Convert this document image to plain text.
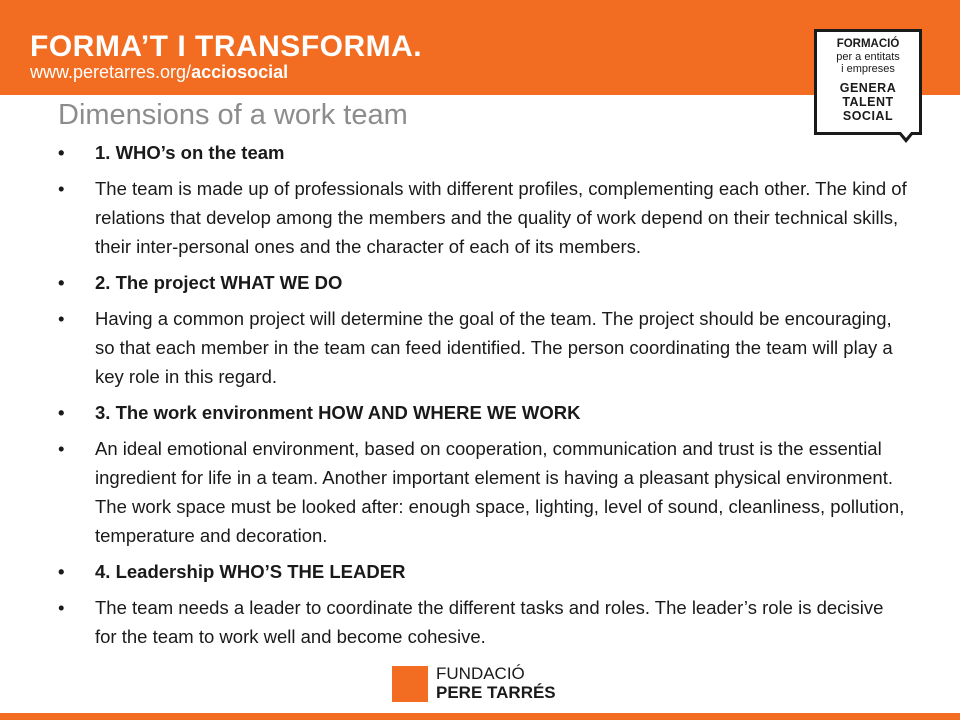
FORMA’T I TRANSFORMA.
www.peretarres.org/acciosocial
FORMACIÓ
per a entitats
i empreses
GENERA
TALENT
SOCIAL
Dimensions of a work team
• 1. WHO’s on the team
• The team is made up of professionals with different profiles, complementing each other. The kind of relations that develop among the members and the quality of work depend on their technical skills, their inter-personal ones and the character of each of its members.
• 2. The project WHAT WE DO
• Having a common project will determine the goal of the team. The project should be encouraging, so that each member in the team can feed identified. The person coordinating the team will play a key role in this regard.
• 3. The work environment HOW AND WHERE WE WORK
• An ideal emotional environment, based on cooperation, communication and trust is the essential ingredient for life in a team. Another important element is having a pleasant physical environment. The work space must be looked after: enough space, lighting, level of sound, cleanliness, pollution, temperature and decoration.
• 4. Leadership WHO’S THE LEADER
• The team needs a leader to coordinate the different tasks and roles. The leader’s role is decisive for the team to work well and become cohesive.
FUNDACIÓ
PERE TARRÉS
